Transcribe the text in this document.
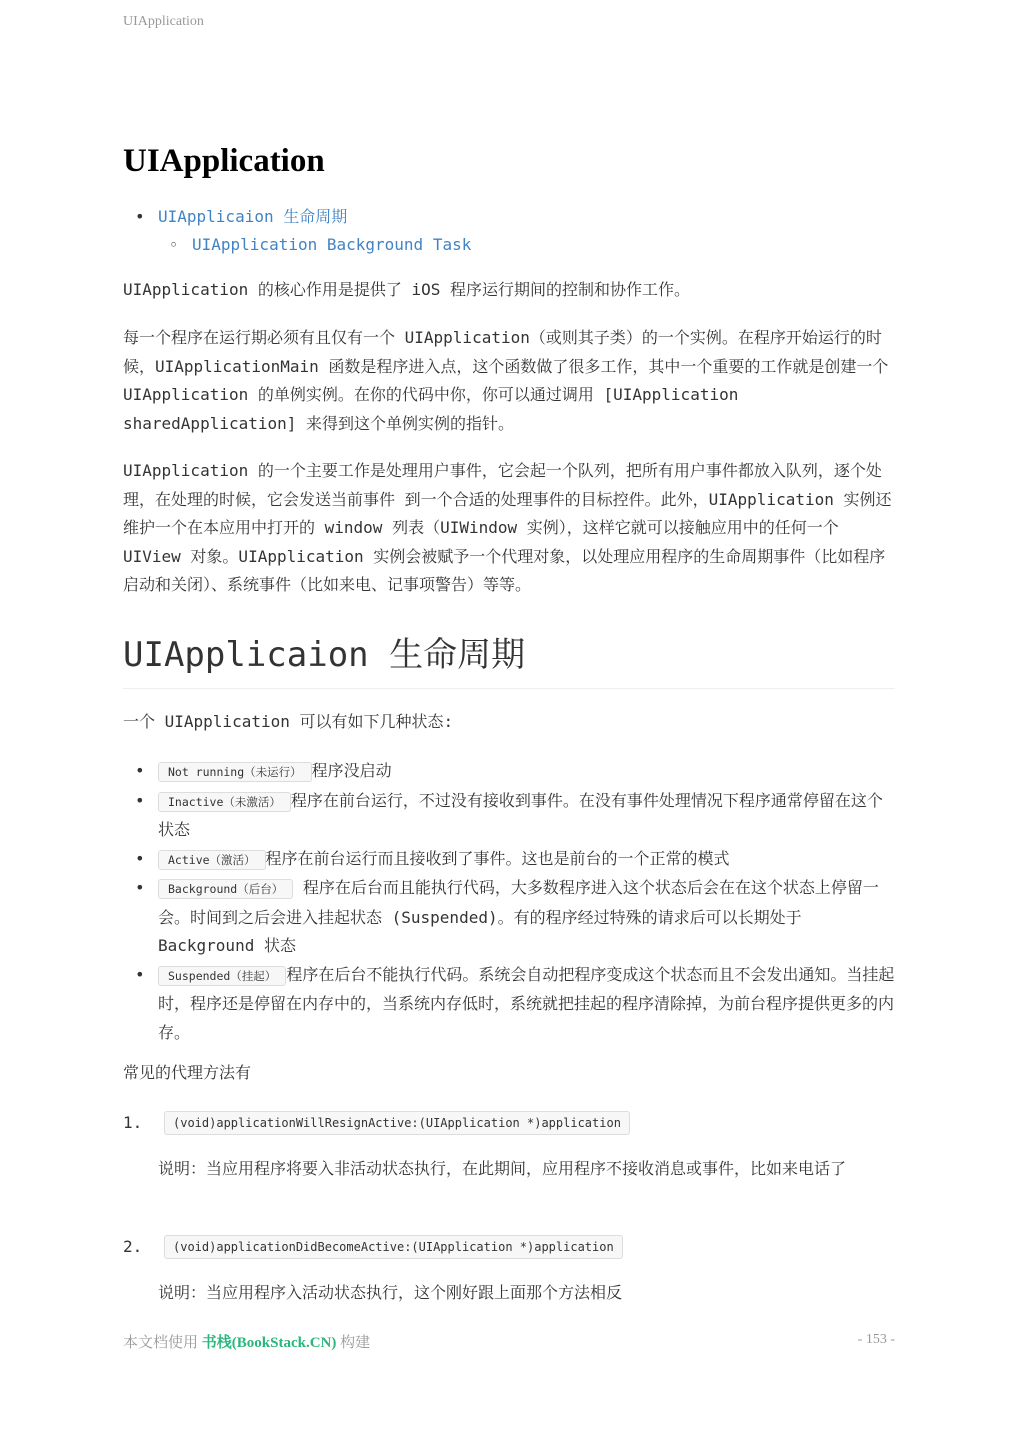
UIApplication
UIApplication
• UIApplicaion 生命周期
◦ UIApplication Background Task

UIApplication 的核心作用是提供了 iOS 程序运行期间的控制和协作工作。

每一个程序在运行期必须有且仅有一个 UIApplication（或则其子类）的一个实例。在程序开始运行的时候，UIApplicationMain 函数是程序进入点，这个函数做了很多工作，其中一个重要的工作就是创建一个 UIApplication 的单例实例。在你的代码中你，你可以通过调用 [UIApplication sharedApplication] 来得到这个单例实例的指针。

UIApplication 的一个主要工作是处理用户事件，它会起一个队列，把所有用户事件都放入队列，逐个处理，在处理的时候，它会发送当前事件 到一个合适的处理事件的目标控件。此外，UIApplication 实例还维护一个在本应用中打开的 window 列表（UIWindow 实例），这样它就可以接触应用中的任何一个 UIView 对象。UIApplication 实例会被赋予一个代理对象，以处理应用程序的生命周期事件（比如程序启动和关闭）、系统事件（比如来电、记事项警告）等等。

UIApplicaion 生命周期

一个 UIApplication 可以有如下几种状态:

• Not running（未运行） 程序没启动
• Inactive（未激活） 程序在前台运行，不过没有接收到事件。在没有事件处理情况下程序通常停留在这个状态
• Active（激活） 程序在前台运行而且接收到了事件。这也是前台的一个正常的模式
• Background（后台） 程序在后台而且能执行代码，大多数程序进入这个状态后会在在这个状态上停留一会。时间到之后会进入挂起状态 (Suspended)。有的程序经过特殊的请求后可以长期处于 Background 状态
• Suspended（挂起） 程序在后台不能执行代码。系统会自动把程序变成这个状态而且不会发出通知。当挂起时，程序还是停留在内存中的，当系统内存低时，系统就把挂起的程序清除掉，为前台程序提供更多的内存。

常见的代理方法有

1.	(void)applicationWillResignActive:(UIApplication *)application

说明：当应用程序将要入非活动状态执行，在此期间，应用程序不接收消息或事件，比如来电话了

2.	(void)applicationDidBecomeActive:(UIApplication *)application

说明：当应用程序入活动状态执行，这个刚好跟上面那个方法相反

本文档使用 书栈(BookStack.CN) 构建	- 153 -
